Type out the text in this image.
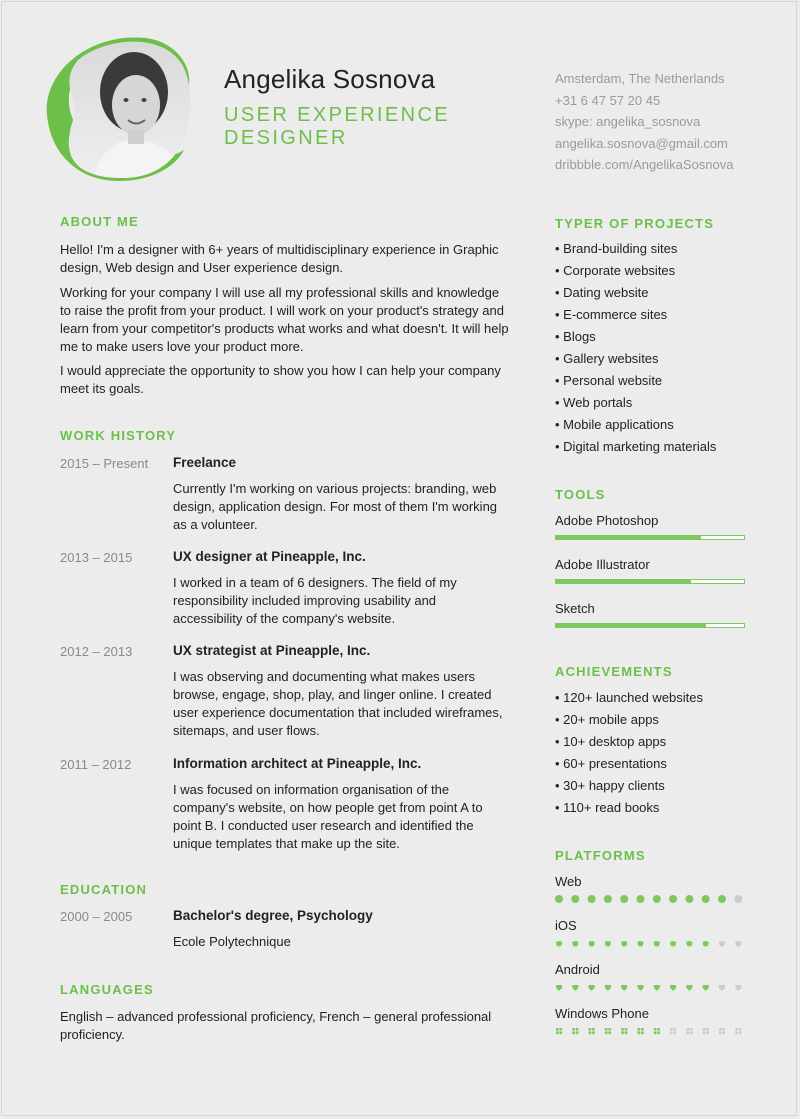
Angelika Sosnova
USER EXPERIENCE
DESIGNER
Amsterdam, The Netherlands
+31 6 47 57 20 45
skype: angelika_sosnova
angelika.sosnova@gmail.com
dribbble.com/AngelikaSosnova
ABOUT ME
Hello! I'm a designer with 6+ years of multidisciplinary experience in Graphic design, Web design and User experience design.
Working for your company I will use all my professional skills and knowledge to raise the profit from your product. I will work on your product's strategy and learn from your competitor's products what works and what doesn't. It will help me to make users love your product more.
I would appreciate the opportunity to show you how I can help your company meet its goals.
WORK HISTORY
2015 – Present Freelance
Currently I'm working on various projects: branding, web design, application design. For most of them I'm working as a volunteer.
2013 – 2015	UX designer at Pineapple, Inc.
I worked in a team of 6 designers. The field of my responsibility included improving usability and accessibility of the company's website.
2012 – 2013	UX strategist at Pineapple, Inc.
I was observing and documenting what makes users browse, engage, shop, play, and linger online. I created user experience documentation that included wireframes, sitemaps, and user flows.
2011 – 2012	Information architect at Pineapple, Inc.
I was focused on information organisation of the company's website, on how people get from point A to point B. I conducted user research and identified the unique templates that make up the site.
EDUCATION
2000 – 2005	Bachelor's degree, Psychology
Ecole Polytechnique
LANGUAGES
English – advanced professional proficiency, French – general professional proficiency.
TYPER OF PROJECTS
• Brand-building sites
• Corporate websites
• Dating website
• E-commerce sites
• Blogs
• Gallery websites
• Personal website
• Web portals
• Mobile applications
• Digital marketing materials
TOOLS
Adobe Photoshop
Adobe Illustrator
Sketch
ACHIEVEMENTS
• 120+ launched websites
• 20+ mobile apps
• 10+ desktop apps
• 60+ presentations
• 30+ happy clients
• 110+ read books
PLATFORMS
Web
iOS
Android
Windows Phone
